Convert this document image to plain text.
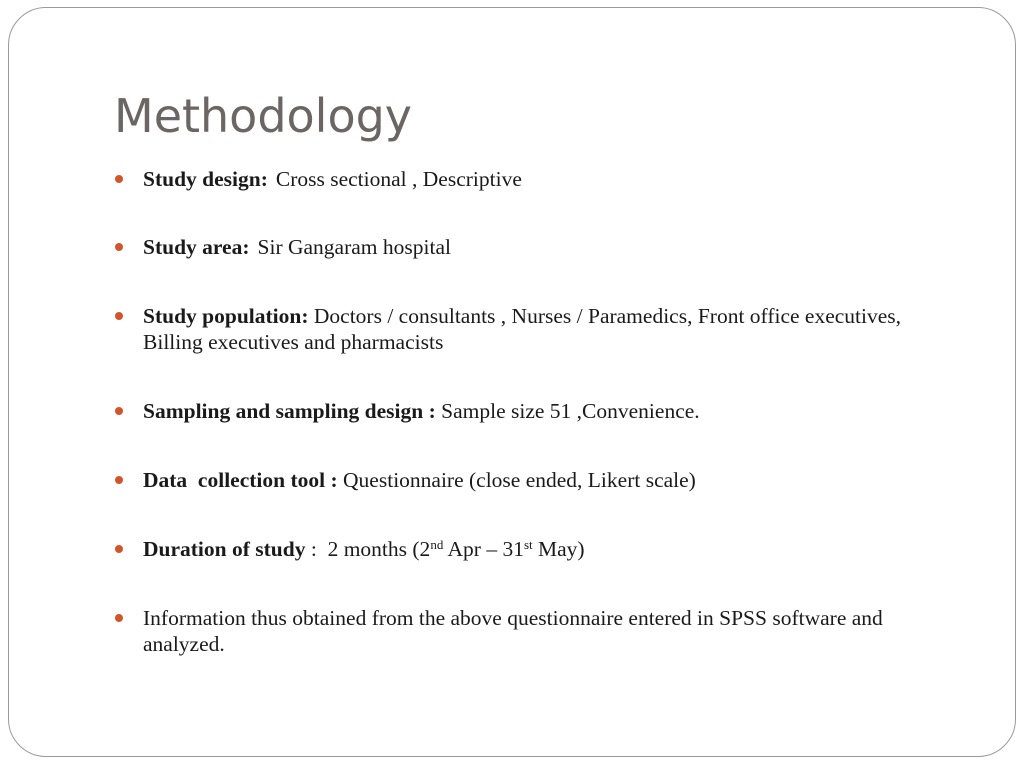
Methodology
Study design: Cross sectional , Descriptive
Study area: Sir Gangaram hospital
Study population: Doctors / consultants , Nurses / Paramedics, Front office executives, Billing executives and pharmacists
Sampling and sampling design : Sample size 51 ,Convenience.
Data  collection tool : Questionnaire (close ended, Likert scale)
Duration of study :  2 months (2nd Apr – 31st May)
Information thus obtained from the above questionnaire entered in SPSS software and analyzed.
